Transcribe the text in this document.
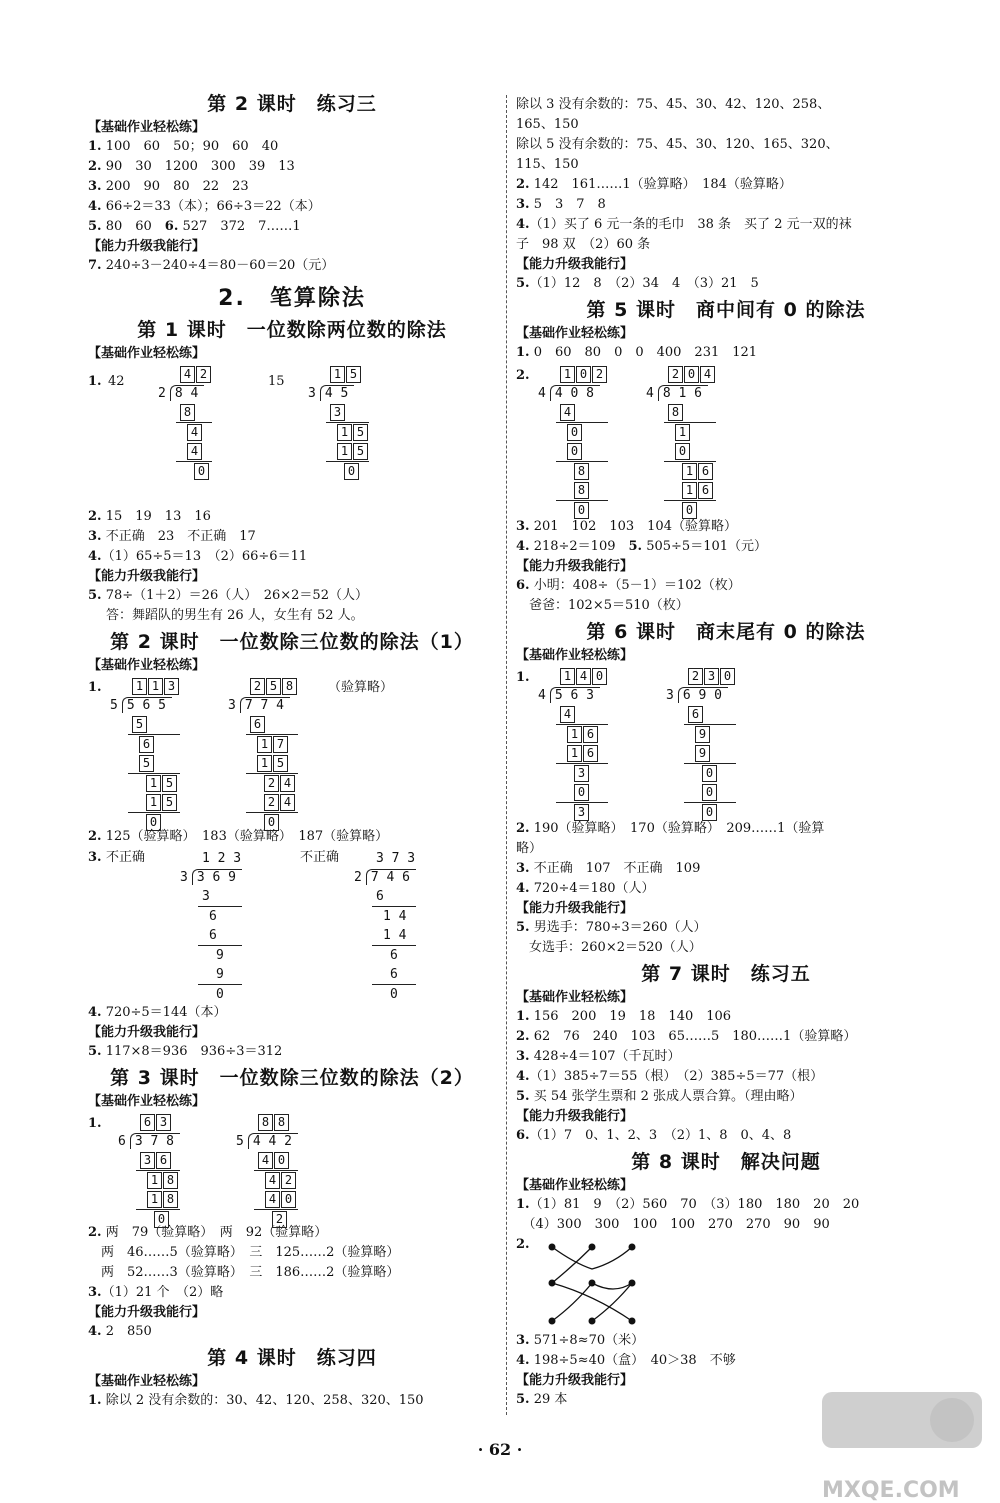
第 2 课时　练习三
【基础作业轻松练】
1. 100　60　50；90　60　40
2. 90　30　1200　300　39　13
3. 200　90　80　22　23
4. 66÷2＝33（本）；66÷3＝22（本）
5. 80　60　6. 527　372　7……1
【能力升级我能行】
7. 240÷3－240÷4＝80－60＝20（元）
2.　笔算除法
第 1 课时　一位数除两位数的除法
【基础作业轻松练】
1. 42	4 2
2 8 4
8
4
4
0
15	1 5
3 4 5
3
1 5
1 5
0
2. 15　19　13　16
3. 不正确　23　不正确　17
4.（1）65÷5＝13　（2）66÷6＝11
【能力升级我能行】
5. 78÷（1＋2）＝26（人）　26×2＝52（人）
答：舞蹈队的男生有 26 人，女生有 52 人。
第 2 课时　一位数除三位数的除法（1）
【基础作业轻松练】
1.	1 1 3
5 5 6 5
5
6
5
1 5
1 5
0
2 5 8
3 7 7 4
6
1 7
1 5
2 4
2 4
0
（验算略）
2. 125（验算略）　183（验算略）　187（验算略）
3. 不正确	1 2 3
3 3 6 9
3
6
6
9
9
0
不正确	3 7 3
2 7 4 6
6
1 4
1 4
6
6
0
4. 720÷5＝144（本）
【能力升级我能行】
5. 117×8＝936　936÷3＝312
第 3 课时　一位数除三位数的除法（2）
【基础作业轻松练】
1.	6 3
6 3 7 8
3 6
1 8
1 8
0
8 8
5 4 4 2
4 0
4 2
4 0
2
2. 两　79（验算略）　两　92（验算略）
　两　46……5（验算略）　三　125……2（验算略）
　两　52……3（验算略）　三　186……2（验算略）
3.（1）21 个　（2）略
【能力升级我能行】
4. 2　850
第 4 课时　练习四
【基础作业轻松练】
1. 除以 2 没有余数的：30、42、120、258、320、150
除以 3 没有余数的：75、45、30、42、120、258、
165、150
除以 5 没有余数的：75、45、30、120、165、320、
115、150
2. 142　161……1（验算略）　184（验算略）
3. 5　3　7　8
4.（1）买了 6 元一条的毛巾　38 条　买了 2 元一双的袜
子　98 双　（2）60 条
【能力升级我能行】
5.（1）12　8　（2）34　4　（3）21　5
第 5 课时　商中间有 0 的除法
【基础作业轻松练】
1. 0　60　80　0　0　400　231　121
2.	1 0 2
4 4 0 8
4
0
0
8
8
0
2 0 4
4 8 1 6
8
1
0
1 6
1 6
0
3. 201　102　103　104（验算略）
4. 218÷2＝109　5. 505÷5＝101（元）
【能力升级我能行】
6. 小明：408÷（5－1）＝102（枚）
　爸爸：102×5＝510（枚）
第 6 课时　商末尾有 0 的除法
【基础作业轻松练】
1.	1 4 0
4 5 6 3
4
1 6
1 6
3
0
3
2 3 0
3 6 9 0
6
9
9
0
0
0
2. 190（验算略）　170（验算略）　209……1（验算
略）
3. 不正确　107　不正确　109
4. 720÷4＝180（人）
【能力升级我能行】
5. 男选手：780÷3＝260（人）
　女选手：260×2＝520（人）
第 7 课时　练习五
【基础作业轻松练】
1. 156　200　19　18　140　106
2. 62　76　240　103　65……5　180……1（验算略）
3. 428÷4＝107（千瓦时）
4.（1）385÷7＝55（根）　（2）385÷5＝77（根）
5. 买 54 张学生票和 2 张成人票合算。（理由略）
【能力升级我能行】
6.（1）7　0、1、2、3　（2）1、8　0、4、8
第 8 课时　解决问题
【基础作业轻松练】
1.（1）81　9　（2）560　70　（3）180　180　20　20
　（4）300　300　100　100　270　270　90　90
2.
3. 571÷8≈70（米）
4. 198÷5≈40（盒）　40＞38　不够
【能力升级我能行】
5. 29 本
· 62 ·
MXQE.COM
